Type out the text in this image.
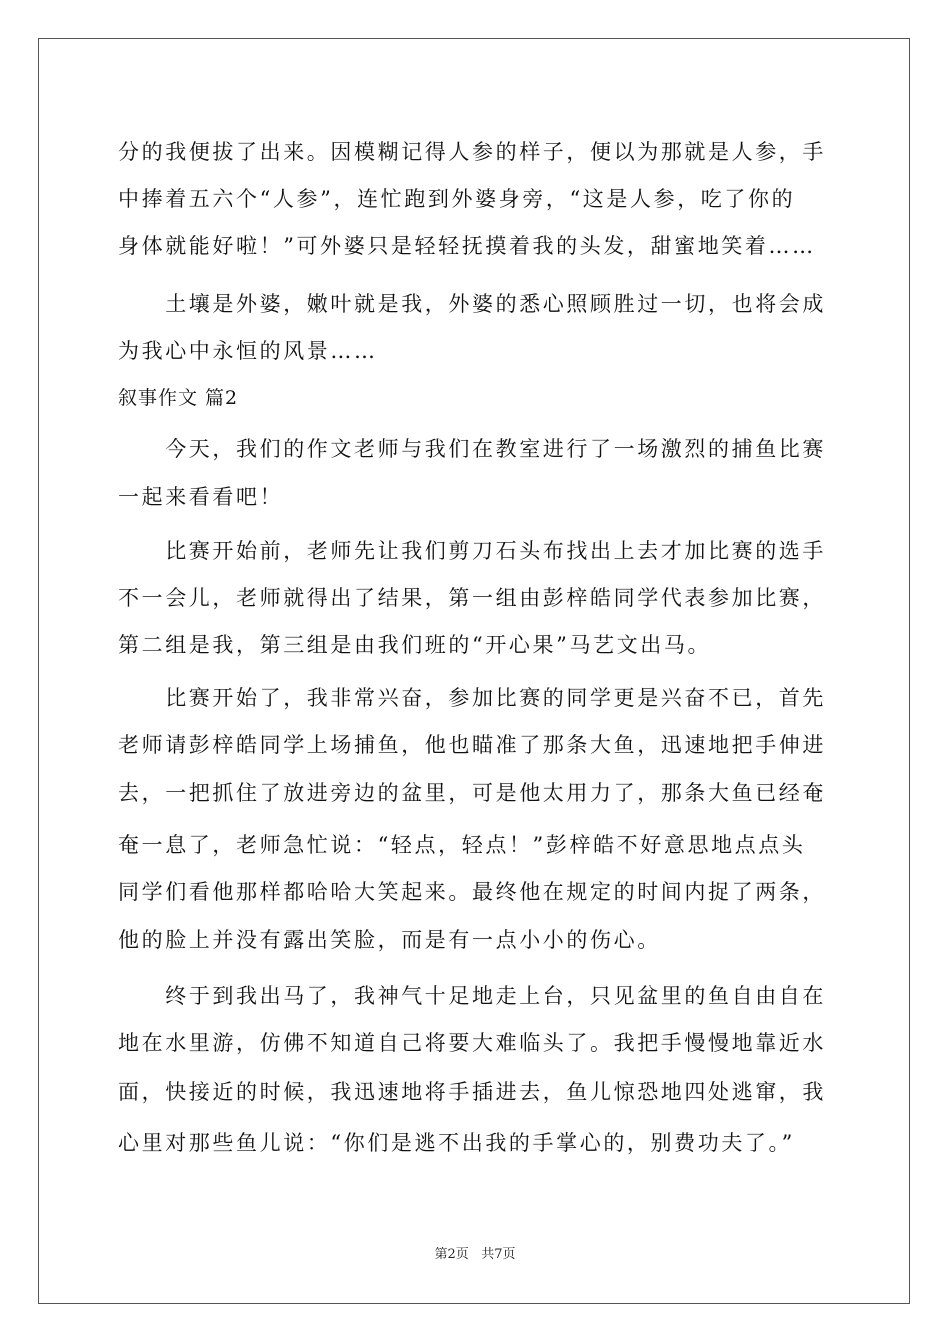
分的我便拔了出来。因模糊记得人参的样子，便以为那就是人参，手
中捧着五六个“人参”，连忙跑到外婆身旁，“这是人参，吃了你的
身体就能好啦！”可外婆只是轻轻抚摸着我的头发，甜蜜地笑着……
　　土壤是外婆，嫩叶就是我，外婆的悉心照顾胜过一切，也将会成
为我心中永恒的风景……
叙事作文 篇2
　　今天，我们的作文老师与我们在教室进行了一场激烈的捕鱼比赛
一起来看看吧！
　　比赛开始前，老师先让我们剪刀石头布找出上去才加比赛的选手
不一会儿，老师就得出了结果，第一组由彭梓皓同学代表参加比赛，
第二组是我，第三组是由我们班的“开心果”马艺文出马。
　　比赛开始了，我非常兴奋，参加比赛的同学更是兴奋不已，首先
老师请彭梓皓同学上场捕鱼，他也瞄准了那条大鱼，迅速地把手伸进
去，一把抓住了放进旁边的盆里，可是他太用力了，那条大鱼已经奄
奄一息了，老师急忙说：“轻点，轻点！”彭梓皓不好意思地点点头
同学们看他那样都哈哈大笑起来。最终他在规定的时间内捉了两条，
他的脸上并没有露出笑脸，而是有一点小小的伤心。
　　终于到我出马了，我神气十足地走上台，只见盆里的鱼自由自在
地在水里游，仿佛不知道自己将要大难临头了。我把手慢慢地靠近水
面，快接近的时候，我迅速地将手插进去，鱼儿惊恐地四处逃窜，我
心里对那些鱼儿说：“你们是逃不出我的手掌心的，别费功夫了。”
第2页 共7页
